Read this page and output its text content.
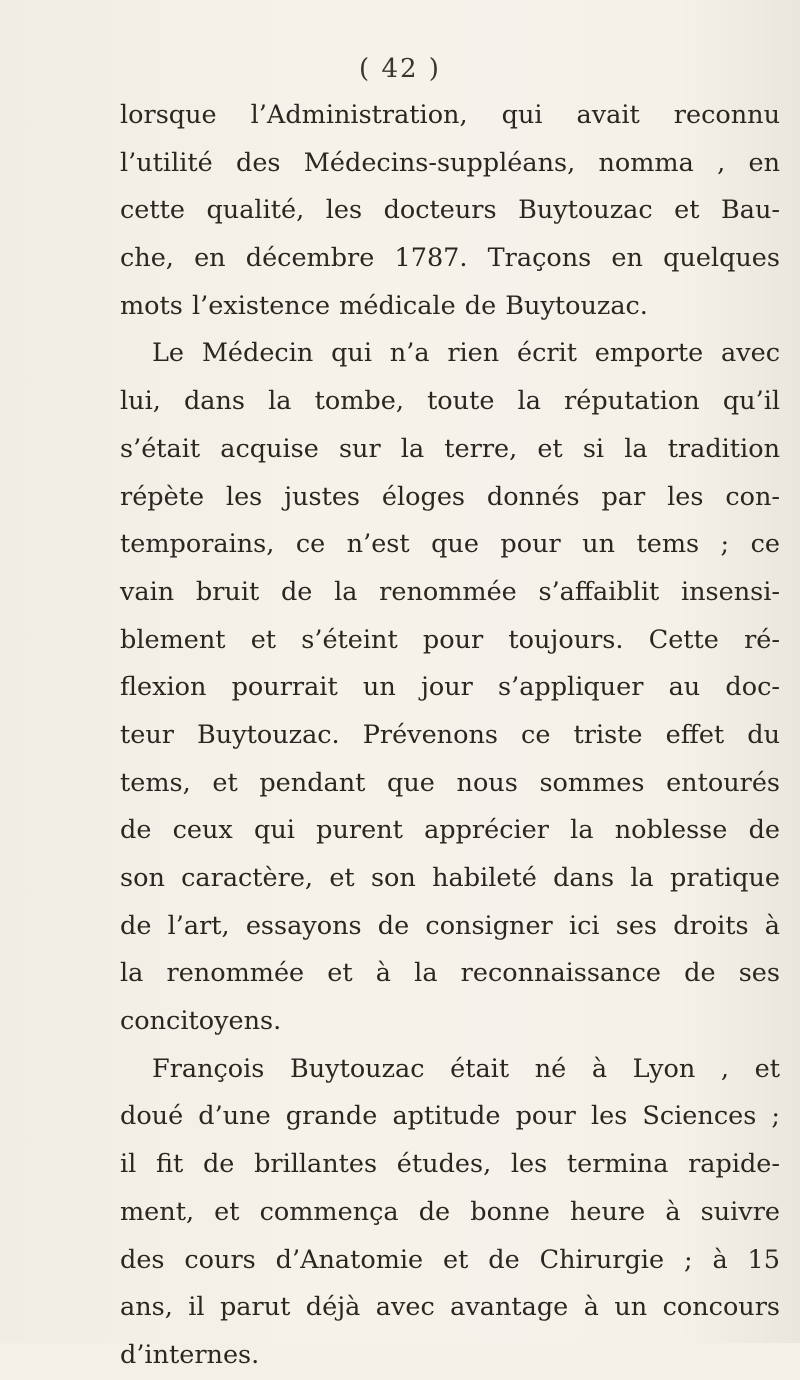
( 42 )
lorsque l’Administration, qui avait reconnu
l’utilité des Médecins-suppléans, nomma , en
cette qualité, les docteurs Buytouzac et Bau-
che, en décembre 1787. Traçons en quelques
mots l’existence médicale de Buytouzac.
Le Médecin qui n’a rien écrit emporte avec
lui, dans la tombe, toute la réputation qu’il
s’était acquise sur la terre, et si la tradition
répète les justes éloges donnés par les con-
temporains, ce n’est que pour un tems ; ce
vain bruit de la renommée s’affaiblit insensi-
blement et s’éteint pour toujours. Cette ré-
flexion pourrait un jour s’appliquer au doc-
teur Buytouzac. Prévenons ce triste effet du
tems, et pendant que nous sommes entourés
de ceux qui purent apprécier la noblesse de
son caractère, et son habileté dans la pratique
de l’art, essayons de consigner ici ses droits à
la renommée et à la reconnaissance de ses
concitoyens.
François Buytouzac était né à Lyon , et
doué d’une grande aptitude pour les Sciences ;
il fit de brillantes études, les termina rapide-
ment, et commença de bonne heure à suivre
des cours d’Anatomie et de Chirurgie ; à 15
ans, il parut déjà avec avantage à un concours
d’internes.
